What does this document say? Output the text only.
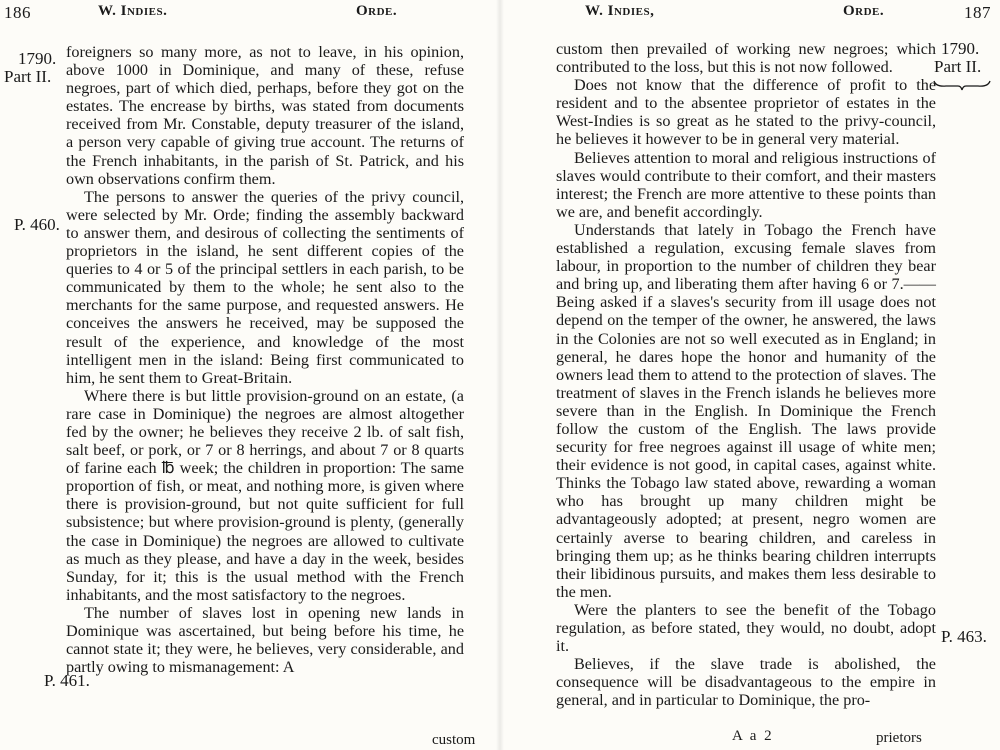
186	W. Indies.	Orde.
1790.
Part II.
P. 460.
P. 461.

foreigners so many more, as not to leave, in his opinion, above 1000 in Dominique, and many of these, refuse negroes, part of which died, perhaps, before they got on the estates. The encrease by births, was stated from documents received from Mr. Constable, deputy treasurer of the island, a person very capable of giving true account. The returns of the French inhabitants, in the parish of St. Patrick, and his own observations confirm them.

The persons to answer the queries of the privy council, were selected by Mr. Orde; finding the assembly backward to answer them, and desirous of collecting the sentiments of proprietors in the island, he sent different copies of the queries to 4 or 5 of the principal settlers in each parish, to be communicated by them to the whole; he sent also to the merchants for the same purpose, and requested answers. He conceives the answers he received, may be supposed the result of the experience, and knowledge of the most intelligent men in the island: Being first communicated to him, he sent them to Great-Britain.

Where there is but little provision-ground on an estate, (a rare case in Dominique) the negroes are almost altogether fed by the owner; he believes they receive 2 lb. of salt fish, salt beef, or pork, or 7 or 8 herrings, and about 7 or 8 quarts of farine each ℔ week; the children in proportion: The same proportion of fish, or meat, and nothing more, is given where there is provision-ground, but not quite sufficient for full subsistence; but where provision-ground is plenty, (generally the case in Dominique) the negroes are allowed to cultivate as much as they please, and have a day in the week, besides Sunday, for it; this is the usual method with the French inhabitants, and the most satisfactory to the negroes.

The number of slaves lost in opening new lands in Dominique was ascertained, but being before his time, he cannot state it; they were, he believes, very considerable, and partly owing to mismanagement: A

custom
W. Indies,	Orde.	187
1790.
Part II.
P. 463.

custom then prevailed of working new negroes; which contributed to the loss, but this is not now followed.

Does not know that the difference of profit to the resident and to the absentee proprietor of estates in the West-Indies is so great as he stated to the privy-council, he believes it however to be in general very material.

Believes attention to moral and religious instructions of slaves would contribute to their comfort, and their masters interest; the French are more attentive to these points than we are, and benefit accordingly.

Understands that lately in Tobago the French have established a regulation, excusing female slaves from labour, in proportion to the number of children they bear and bring up, and liberating them after having 6 or 7.——Being asked if a slaves's security from ill usage does not depend on the temper of the owner, he answered, the laws in the Colonies are not so well executed as in England; in general, he dares hope the honor and humanity of the owners lead them to attend to the protection of slaves. The treatment of slaves in the French islands he believes more severe than in the English. In Dominique the French follow the custom of the English. The laws provide security for free negroes against ill usage of white men; their evidence is not good, in capital cases, against white. Thinks the Tobago law stated above, rewarding a woman who has brought up many children might be advantageously adopted; at present, negro women are certainly averse to bearing children, and careless in bringing them up; as he thinks bearing children interrupts their libidinous pursuits, and makes them less desirable to the men.

Were the planters to see the benefit of the Tobago regulation, as before stated, they would, no doubt, adopt it.

Believes, if the slave trade is abolished, the consequence will be disadvantageous to the empire in general, and in particular to Dominique, the pro-

A a 2	prietors
